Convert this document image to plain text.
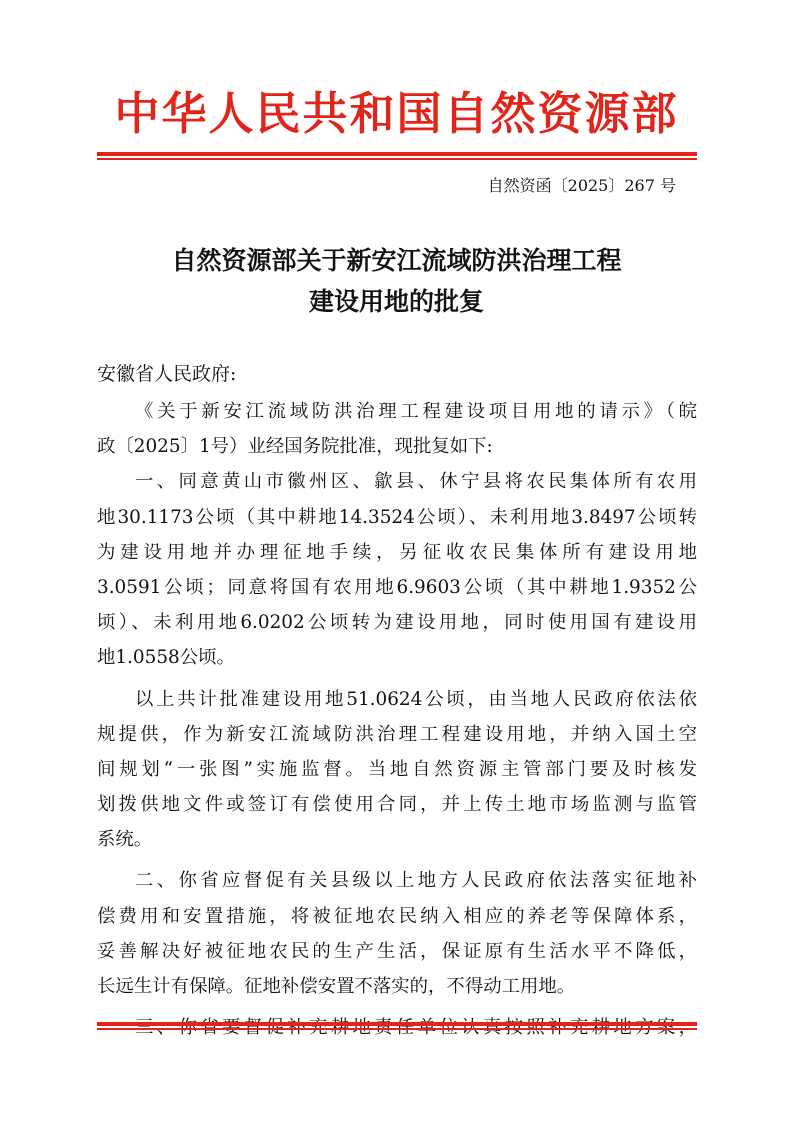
中华人民共和国自然资源部
自然资函〔2025〕267 号
自然资源部关于新安江流域防洪治理工程
建设用地的批复
安徽省人民政府:
《关于新安江流域防洪治理工程建设项目用地的请示》（皖
政〔2025〕1号）业经国务院批准，现批复如下:
一、同意黄山市徽州区、歙县、休宁县将农民集体所有农用
地30.1173公顷（其中耕地14.3524公顷）、未利用地3.8497公顷转
为建设用地并办理征地手续，另征收农民集体所有建设用地
3.0591公顷；同意将国有农用地6.9603公顷（其中耕地1.9352公
顷）、未利用地6.0202公顷转为建设用地，同时使用国有建设用
地1.0558公顷。
以上共计批准建设用地51.0624公顷，由当地人民政府依法依
规提供，作为新安江流域防洪治理工程建设用地，并纳入国土空
间规划“一张图”实施监督。当地自然资源主管部门要及时核发
划拨供地文件或签订有偿使用合同，并上传土地市场监测与监管
系统。
二、你省应督促有关县级以上地方人民政府依法落实征地补
偿费用和安置措施，将被征地农民纳入相应的养老等保障体系，
妥善解决好被征地农民的生产生活，保证原有生活水平不降低，
长远生计有保障。征地补偿安置不落实的，不得动工用地。
